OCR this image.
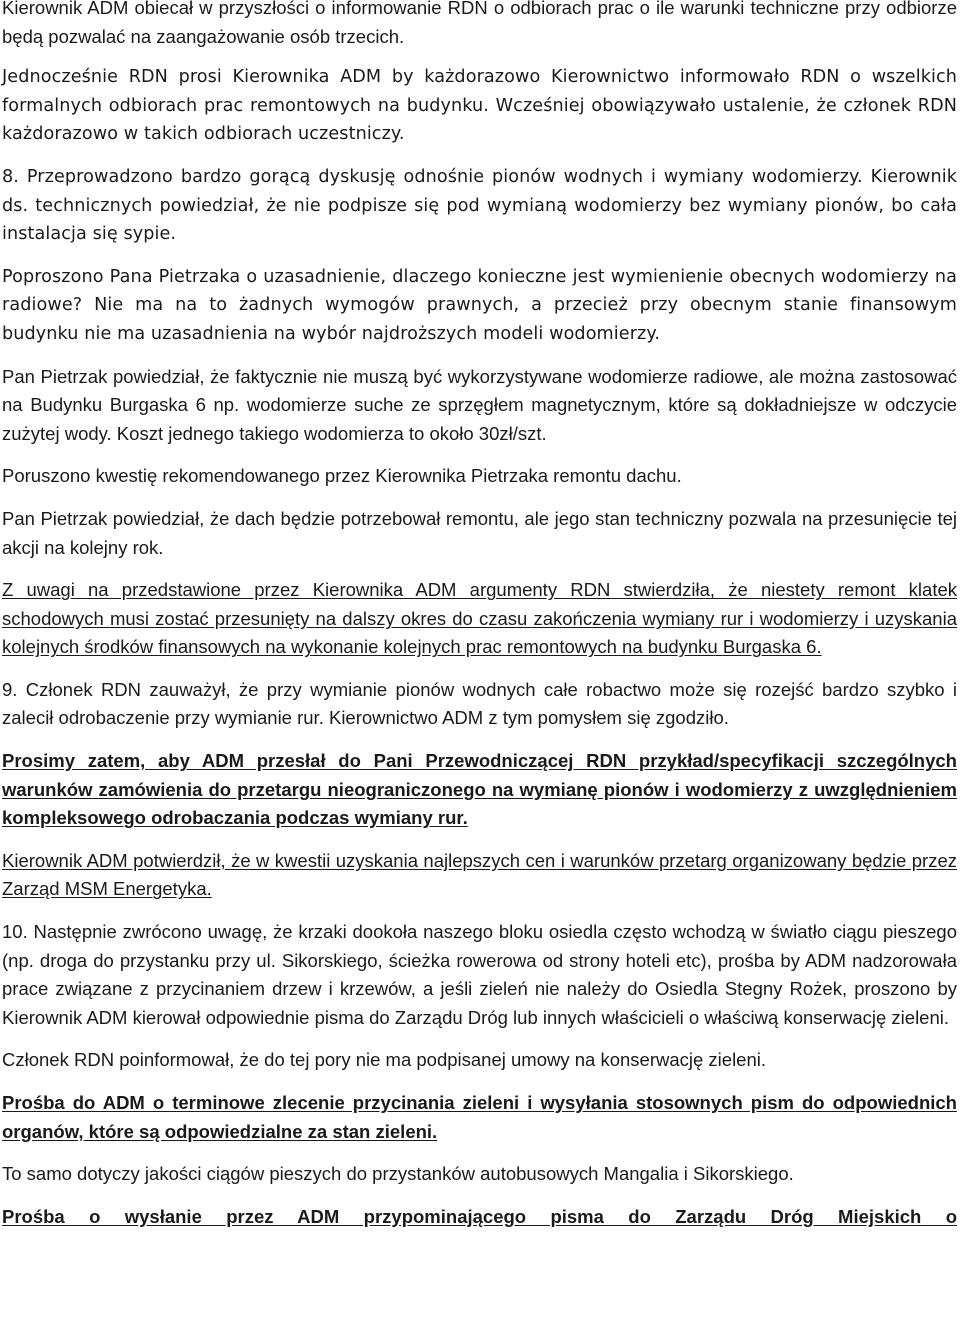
Kierownik ADM obiecał w przyszłości o informowanie RDN o odbiorach prac o ile warunki techniczne przy odbiorze będą pozwalać na zaangażowanie osób trzecich.

Jednocześnie RDN prosi Kierownika ADM by każdorazowo Kierownictwo informowało RDN o wszelkich formalnych odbiorach prac remontowych na budynku. Wcześniej obowiązywało ustalenie, że członek RDN każdorazowo w takich odbiorach uczestniczy.

8. Przeprowadzono bardzo gorącą dyskusję odnośnie pionów wodnych i wymiany wodomierzy. Kierownik ds. technicznych powiedział, że nie podpisze się pod wymianą wodomierzy bez wymiany pionów, bo cała instalacja się sypie.

Poproszono Pana Pietrzaka o uzasadnienie, dlaczego konieczne jest wymienienie obecnych wodomierzy na radiowe? Nie ma na to żadnych wymogów prawnych, a przecież przy obecnym stanie finansowym budynku nie ma uzasadnienia na wybór najdroższych modeli wodomierzy.

Pan Pietrzak powiedział, że faktycznie nie muszą być wykorzystywane wodomierze radiowe, ale można zastosować na Budynku Burgaska 6 np. wodomierze suche ze sprzęgłem magnetycznym, które są dokładniejsze w odczycie zużytej wody. Koszt jednego takiego wodomierza to około 30zł/szt.

Poruszono kwestię rekomendowanego przez Kierownika Pietrzaka remontu dachu.

Pan Pietrzak powiedział, że dach będzie potrzebował remontu, ale jego stan techniczny pozwala na przesunięcie tej akcji na kolejny rok.

Z uwagi na przedstawione przez Kierownika ADM argumenty RDN stwierdziła, że niestety remont klatek schodowych musi zostać przesunięty na dalszy okres do czasu zakończenia wymiany rur i wodomierzy i uzyskania kolejnych środków finansowych na wykonanie kolejnych prac remontowych na budynku Burgaska 6.

9. Członek RDN zauważył, że przy wymianie pionów wodnych całe robactwo może się rozejść bardzo szybko i zalecił odrobaczenie przy wymianie rur. Kierownictwo ADM z tym pomysłem się zgodziło.

Prosimy zatem, aby ADM przesłał do Pani Przewodniczącej RDN przykład/specyfikacji szczególnych warunków zamówienia do przetargu nieograniczonego na wymianę pionów i wodomierzy z uwzględnieniem kompleksowego odrobaczania podczas wymiany rur.

Kierownik ADM potwierdził, że w kwestii uzyskania najlepszych cen i warunków przetarg organizowany będzie przez Zarząd MSM Energetyka.

10. Następnie zwrócono uwagę, że krzaki dookoła naszego bloku osiedla często wchodzą w światło ciągu pieszego (np. droga do przystanku przy ul. Sikorskiego, ścieżka rowerowa od strony hoteli etc), prośba by ADM nadzorowała prace związane z przycinaniem drzew i krzewów, a jeśli zieleń nie należy do Osiedla Stegny Rożek, proszono by Kierownik ADM kierował odpowiednie pisma do Zarządu Dróg lub innych właścicieli o właściwą konserwację zieleni.

Członek RDN poinformował, że do tej pory nie ma podpisanej umowy na konserwację zieleni.

Prośba do ADM o terminowe zlecenie przycinania zieleni i wysyłania stosownych pism do odpowiednich organów, które są odpowiedzialne za stan zieleni.

To samo dotyczy jakości ciągów pieszych do przystanków autobusowych Mangalia i Sikorskiego.

Prośba o wysłanie przez ADM przypominającego pisma do Zarządu Dróg Miejskich o
